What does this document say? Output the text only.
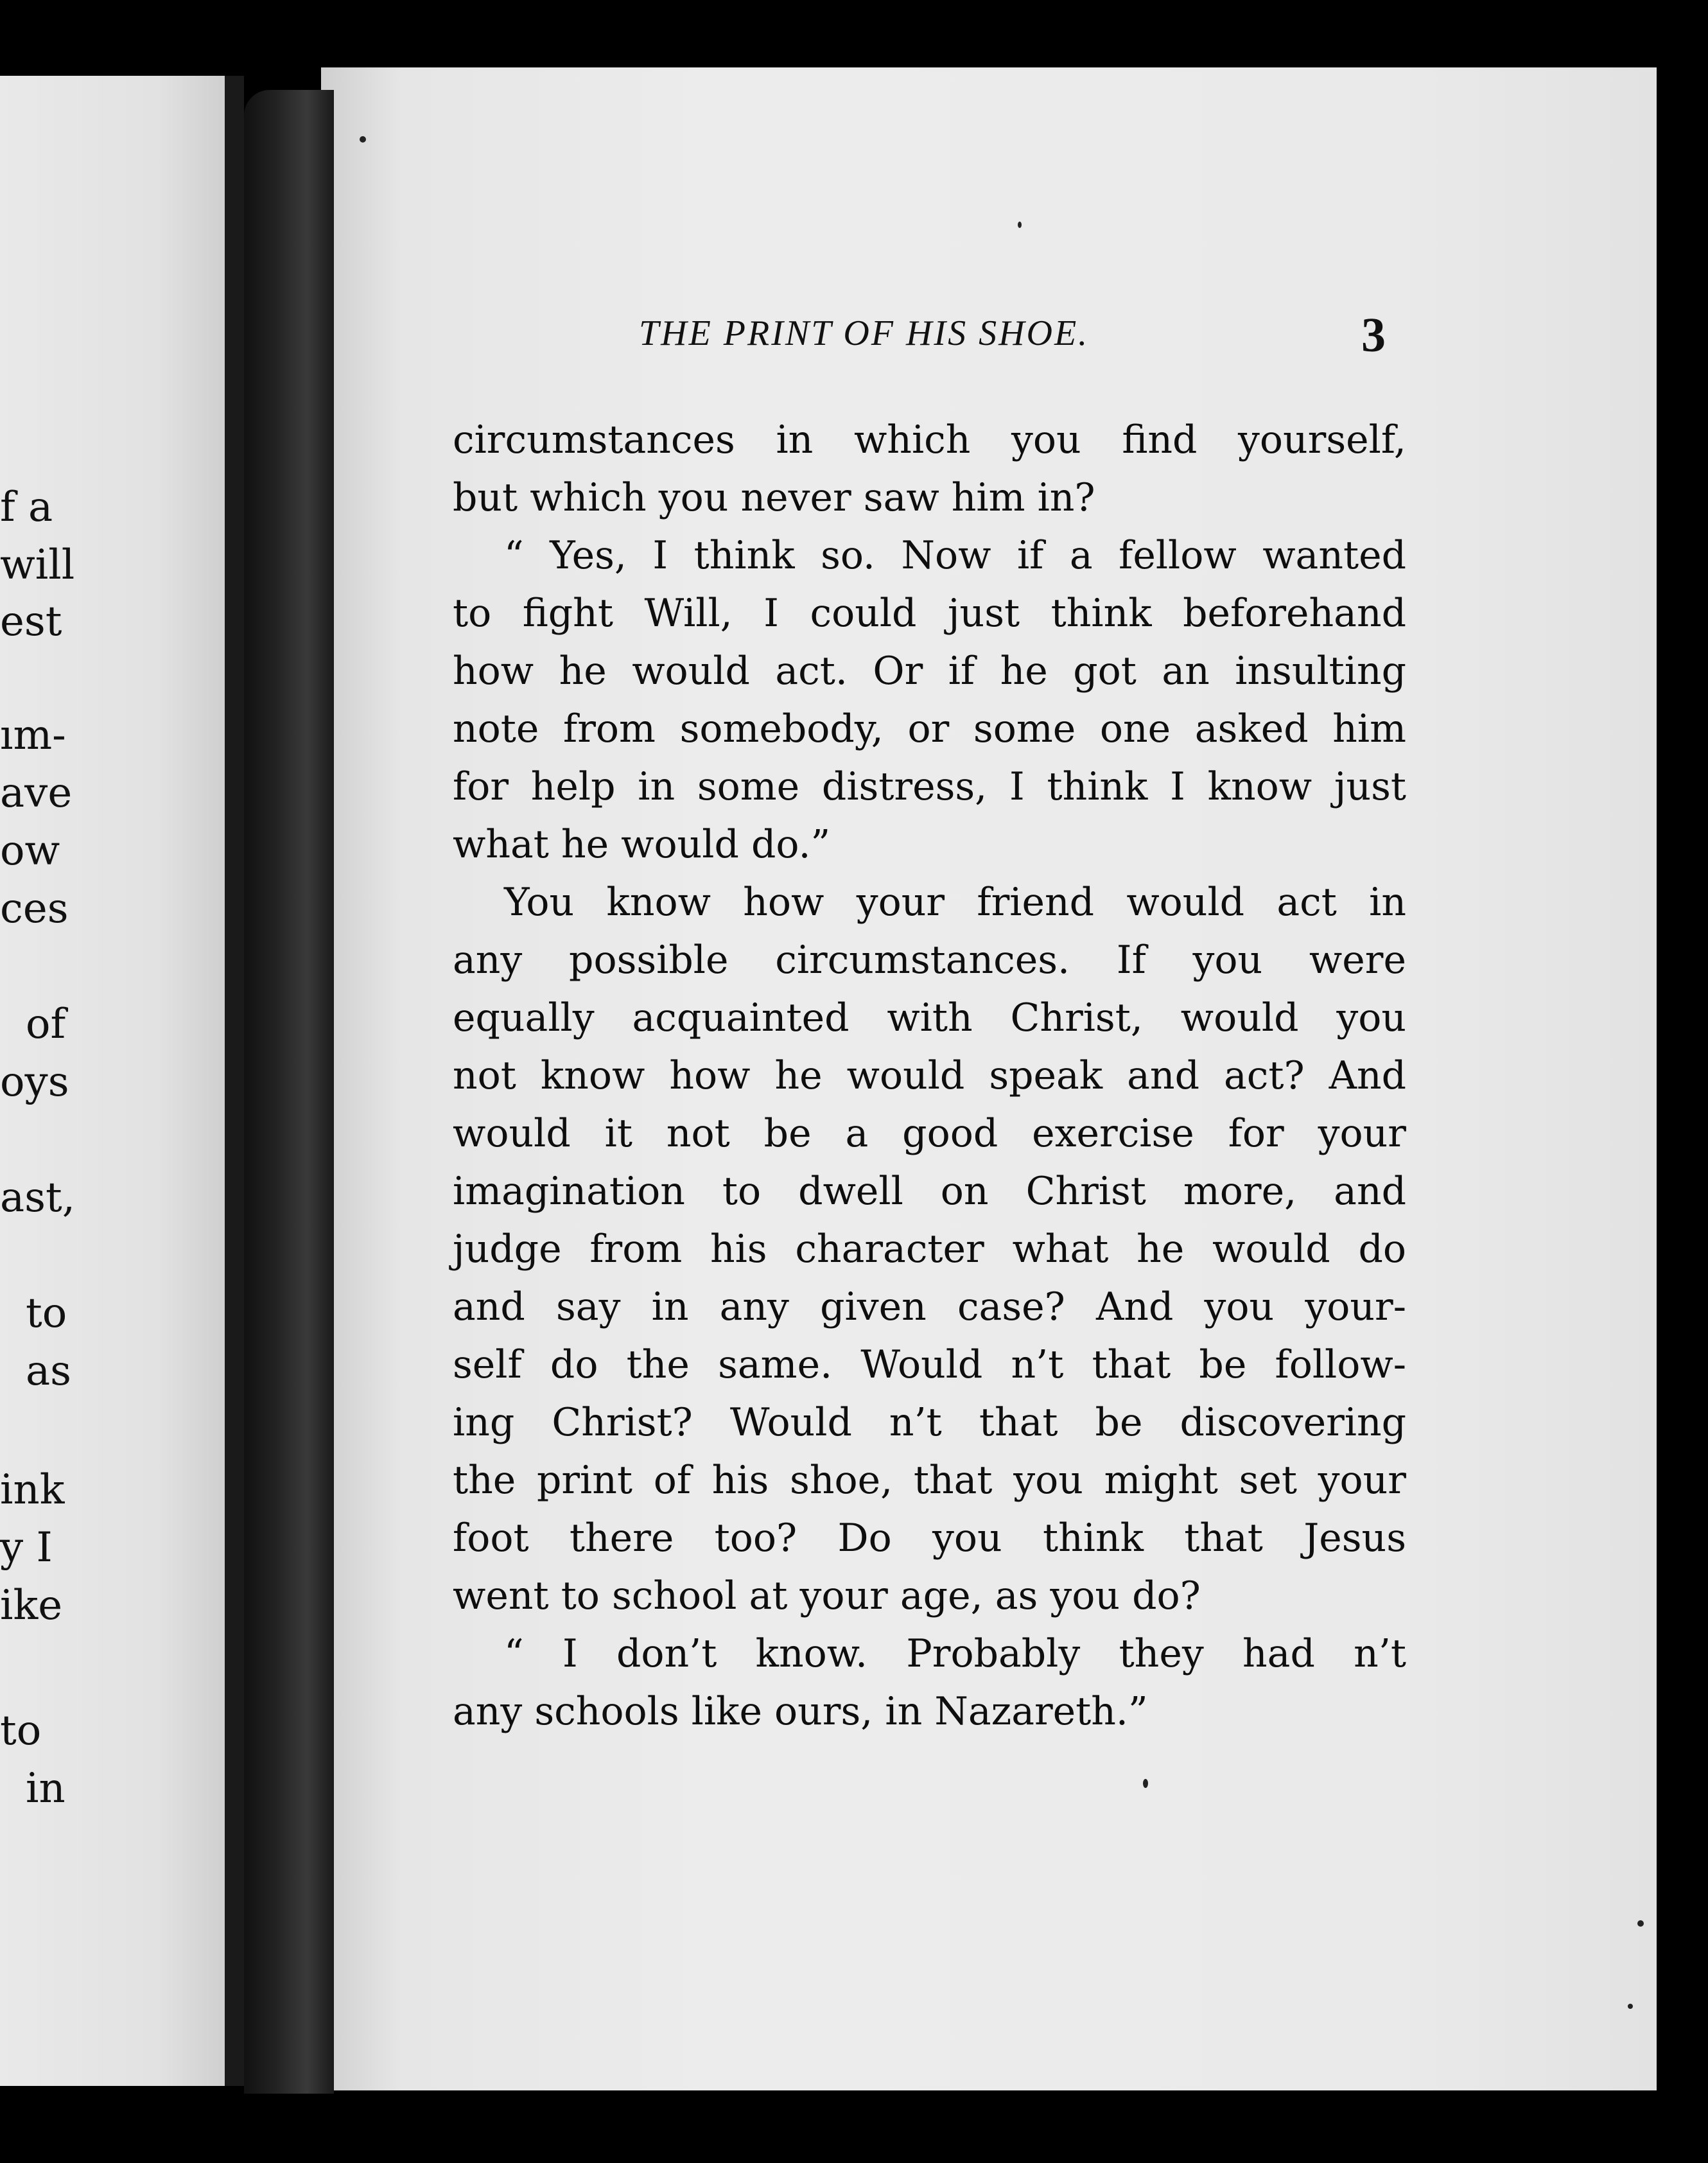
f a
will
est
ım-
ave
ow
ces
of
oys
ast,
to
as
ink
y I
ike
to
in
THE PRINT OF HIS SHOE.	3
circumstances in which you find yourself,
but which you never saw him in?
“ Yes, I think so. Now if a fellow wanted
to fight Will, I could just think beforehand
how he would act. Or if he got an insulting
note from somebody, or some one asked him
for help in some distress, I think I know just
what he would do.”
You know how your friend would act in
any possible circumstances. If you were
equally acquainted with Christ, would you
not know how he would speak and act? And
would it not be a good exercise for your
imagination to dwell on Christ more, and
judge from his character what he would do
and say in any given case? And you your-
self do the same. Would n’t that be follow-
ing Christ? Would n’t that be discovering
the print of his shoe, that you might set your
foot there too? Do you think that Jesus
went to school at your age, as you do?
“ I don’t know. Probably they had n’t
any schools like ours, in Nazareth.”
